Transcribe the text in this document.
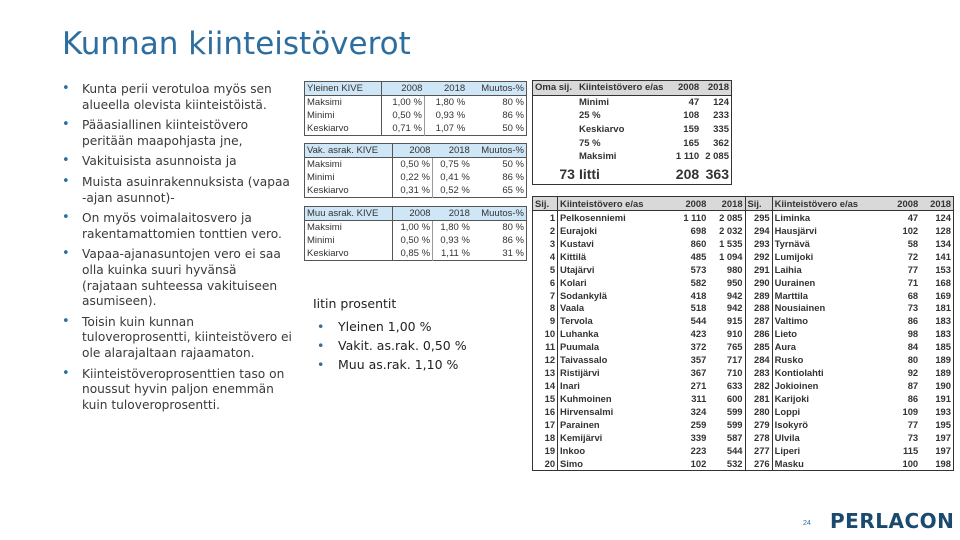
Kunnan kiinteistöverot
• Kunta perii verotuloa myös sen alueella olevista kiinteistöistä.
• Pääasiallinen kiinteistövero peritään maapohjasta jne,
• Vakituisista asunnoista ja
• Muista asuinrakennuksista (vapaa -ajan asunnot)-
• On myös voimalaitosvero ja rakentamattomien tonttien vero.
• Vapaa-ajanasuntojen vero ei saa olla kuinka suuri hyvänsä (rajataan suhteessa vakituiseen asumiseen).
• Toisin kuin kunnan tuloveroprosentti, kiinteistövero ei ole alarajaltaan rajaamaton.
• Kiinteistöveroprosenttien taso on noussut hyvin paljon enemmän kuin tuloveroprosentti.
Yleinen KIVE	2008	2018	Muutos-%
Maksimi	1,00 %	1,80 %	80 %
Minimi	0,50 %	0,93 %	86 %
Keskiarvo	0,71 %	1,07 %	50 %
Vak. asrak. KIVE	2008	2018	Muutos-%
Maksimi	0,50 %	0,75 %	50 %
Minimi	0,22 %	0,41 %	86 %
Keskiarvo	0,31 %	0,52 %	65 %
Muu asrak. KIVE	2008	2018	Muutos-%
Maksimi	1,00 %	1,80 %	80 %
Minimi	0,50 %	0,93 %	86 %
Keskiarvo	0,85 %	1,11 %	31 %
Oma sij.	Kiinteistövero e/as	2008	2018
	Minimi	47	124
	25 %	108	233
	Keskiarvo	159	335
	75 %	165	362
	Maksimi	1 110	2 085
73	Iitti	208	363
Sij.	Kiinteistövero e/as	2008	2018	Sij.	Kiinteistövero e/as	2008	2018
1	Pelkosenniemi	1 110	2 085	295	Liminka	47	124
2	Eurajoki	698	2 032	294	Hausjärvi	102	128
3	Kustavi	860	1 535	293	Tyrnävä	58	134
4	Kittilä	485	1 094	292	Lumijoki	72	141
5	Utajärvi	573	980	291	Laihia	77	153
6	Kolari	582	950	290	Uurainen	71	168
7	Sodankylä	418	942	289	Marttila	68	169
8	Vaala	518	942	288	Nousiainen	73	181
9	Tervola	544	915	287	Valtimo	86	183
10	Luhanka	423	910	286	Lieto	98	183
11	Puumala	372	765	285	Aura	84	185
12	Taivassalo	357	717	284	Rusko	80	189
13	Ristijärvi	367	710	283	Kontiolahti	92	189
14	Inari	271	633	282	Jokioinen	87	190
15	Kuhmoinen	311	600	281	Karijoki	86	191
16	Hirvensalmi	324	599	280	Loppi	109	193
17	Parainen	259	599	279	Isokyrö	77	195
18	Kemijärvi	339	587	278	Ulvila	73	197
19	Inkoo	223	544	277	Liperi	115	197
20	Simo	102	532	276	Masku	100	198
Iitin prosentit
• Yleinen 1,00 %
• Vakit. as.rak. 0,50 %
• Muu as.rak. 1,10 %
24 PERLACON
